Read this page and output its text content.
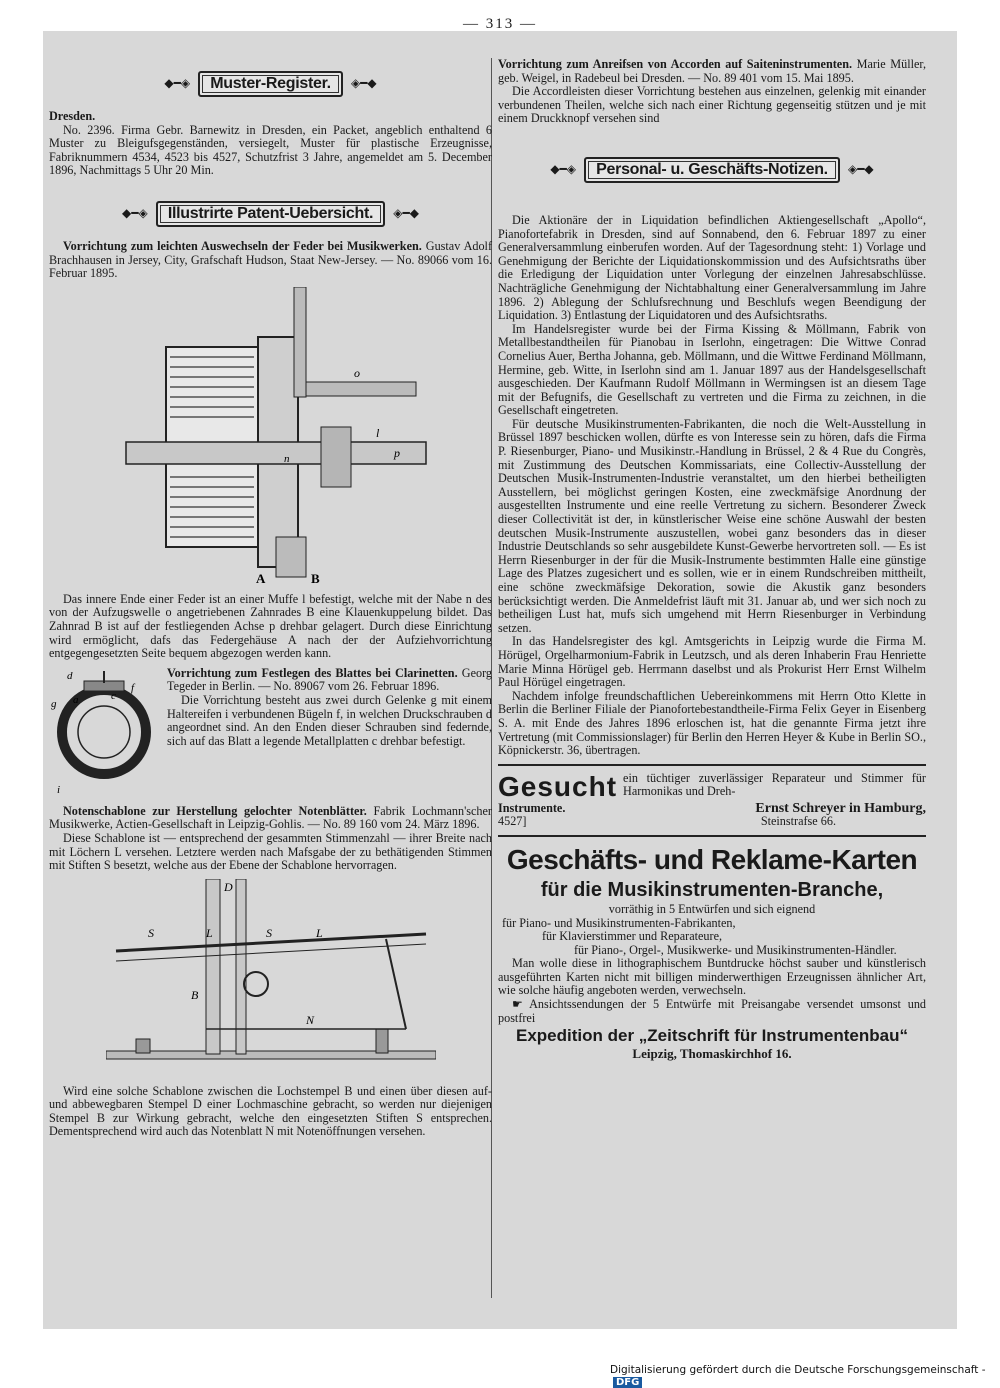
— 313 —
◆━◈	Muster-Register.	◈━◆

Dresden.

No. 2396. Firma Gebr. Barnewitz in Dresden, ein Packet, angeblich enthaltend 6 Muster zu Bleigufsgegenständen, versiegelt, Muster für plastische Erzeugnisse, Fabriknummern 4534, 4523 bis 4527, Schutzfrist 3 Jahre, angemeldet am 5. December 1896, Nachmittags 5 Uhr 20 Min.

◆━◈	Illustrirte Patent-Uebersicht.	◈━◆

Vorrichtung zum leichten Auswechseln der Feder bei Musikwerken. Gustav Adolf Brachhausen in Jersey, City, Grafschaft Hudson, Staat New-Jersey. — No. 89066 vom 16. Februar 1895.

o
l
p
A	B
n

Das innere Ende einer Feder ist an einer Muffe l befestigt, welche mit der Nabe n des von der Aufzugswelle o angetriebenen Zahnrades B eine Klauenkuppelung bildet. Das Zahnrad B ist auf der festliegenden Achse p drehbar gelagert. Durch diese Einrichtung wird ermöglicht, dafs das Federgehäuse A nach der der Aufziehvorrichtung entgegengesetzten Seite bequem abgezogen werden kann.

d
c
f
a
g
i

Vorrichtung zum Festlegen des Blattes bei Clarinetten. Georg Tegeder in Berlin. — No. 89067 vom 26. Februar 1896.

Die Vorrichtung besteht aus zwei durch Gelenke g mit einem Haltereifen i verbundenen Bügeln f, in welchen Druckschrauben d angeordnet sind. An den Enden dieser Schrauben sind federnde, sich auf das Blatt a legende Metallplatten c drehbar befestigt.

Notenschablone zur Herstellung gelochter Notenblätter. Fabrik Lochmann'scher Musikwerke, Actien-Gesellschaft in Leipzig-Gohlis. — No. 89 160 vom 24. März 1896.

Diese Schablone ist — entsprechend der gesammten Stimmenzahl — ihrer Breite nach mit Löchern L versehen. Letztere werden nach Mafsgabe der zu bethätigenden Stimmen mit Stiften S besetzt, welche aus der Ebene der Schablone hervorragen.

S	L	S	L
D
B
N

Wird eine solche Schablone zwischen die Lochstempel B und einen über diesen auf- und abbewegbaren Stempel D einer Lochmaschine gebracht, so werden nur diejenigen Stempel B zur Wirkung gebracht, welche den eingesetzten Stiften S entsprechen. Dementsprechend wird auch das Notenblatt N mit Notenöffnungen versehen.

Vorrichtung zum Anreifsen von Accorden auf Saiteninstrumenten. Marie Müller, geb. Weigel, in Radebeul bei Dresden. — No. 89 401 vom 15. Mai 1895.

Die Accordleisten dieser Vorrichtung bestehen aus einzelnen, gelenkig mit einander verbundenen Theilen, welche sich nach einer Richtung gegenseitig stützen und je mit einem Druckknopf versehen sind

◆━◈	Personal- u. Geschäfts-Notizen.	◈━◆

Die Aktionäre der in Liquidation befindlichen Aktiengesellschaft „Apollo“, Pianofortefabrik in Dresden, sind auf Sonnabend, den 6. Februar 1897 zu einer Generalversammlung einberufen worden. Auf der Tagesordnung steht: 1) Vorlage und Genehmigung der Berichte der Liquidationskommission und des Aufsichtsraths über die Erledigung der Liquidation unter Vorlegung der einzelnen Jahresabschlüsse. Nachträgliche Genehmigung der Nichtabhaltung einer Generalversammlung im Jahre 1896. 2) Ablegung der Schlufsrechnung und Beschlufs wegen Beendigung der Liquidation. 3) Entlastung der Liquidatoren und des Aufsichtsraths.

Im Handelsregister wurde bei der Firma Kissing & Möllmann, Fabrik von Metallbestandtheilen für Pianobau in Iserlohn, eingetragen: Die Wittwe Conrad Cornelius Auer, Bertha Johanna, geb. Möllmann, und die Wittwe Ferdinand Möllmann, Hermine, geb. Witte, in Iserlohn sind am 1. Januar 1897 aus der Handelsgesellschaft ausgeschieden. Der Kaufmann Rudolf Möllmann in Wermingsen ist an diesem Tage mit der Befugnifs, die Gesellschaft zu vertreten und die Firma zu zeichnen, in die Gesellschaft eingetreten.

Für deutsche Musikinstrumenten-Fabrikanten, die noch die Welt-Ausstellung in Brüssel 1897 beschicken wollen, dürfte es von Interesse sein zu hören, dafs die Firma P. Riesenburger, Piano- und Musikinstr.-Handlung in Brüssel, 2 & 4 Rue du Congrès, mit Zustimmung des Deutschen Kommissariats, eine Collectiv-Ausstellung der Deutschen Musik-Instrumenten-Industrie veranstaltet, um den hierbei betheiligten Ausstellern, bei möglichst geringen Kosten, eine zweckmäfsige Anordnung der ausgestellten Instrumente und eine reelle Vertretung zu sichern. Besonderer Zweck dieser Collectivität ist der, in künstlerischer Weise eine schöne Auswahl der besten deutschen Musik-Instrumente auszustellen, wobei ganz besonders das in dieser Industrie Deutschlands so sehr ausgebildete Kunst-Gewerbe hervortreten soll. — Es ist Herrn Riesenburger in der für die Musik-Instrumente bestimmten Halle eine günstige Lage des Platzes zugesichert und es sollen, wie er in einem Rundschreiben mittheilt, eine schöne zweckmäfsige Dekoration, sowie die Akustik ganz besonders berücksichtigt werden. Die Anmeldefrist läuft mit 31. Januar ab, und wer sich noch zu betheiligen Lust hat, mufs sich umgehend mit Herrn Riesenburger in Verbindung setzen.

In das Handelsregister des kgl. Amtsgerichts in Leipzig wurde die Firma M. Hörügel, Orgelharmonium-Fabrik in Leutzsch, und als deren Inhaberin Frau Henriette Marie Minna Hörügel geb. Herrmann daselbst und als Prokurist Herr Ernst Wilhelm Paul Hörügel eingetragen.

Nachdem infolge freundschaftlichen Uebereinkommens mit Herrn Otto Klette in Berlin die Berliner Filiale der Pianofortebestandtheile-Firma Felix Geyer in Eisenberg S. A. mit Ende des Jahres 1896 erloschen ist, hat die genannte Firma jetzt ihre Vertretung (mit Commissionslager) für Berlin den Herren Heyer & Kube in Berlin SO., Köpnickerstr. 36, übertragen.

Gesucht ein tüchtiger zuverlässiger Reparateur und Stimmer für Harmonikas und Dreh-
Instrumente.	Ernst Schreyer in Hamburg,
4527]	Steinstrafse 66.
Geschäfts- und Reklame-Karten
für die Musikinstrumenten-Branche,
vorräthig in 5 Entwürfen und sich eignend
für Piano- und Musikinstrumenten-Fabrikanten,
für Klavierstimmer und Reparateure,
für Piano-, Orgel-, Musikwerke- und Musikinstrumenten-Händler.

Man wolle diese in lithographischem Buntdrucke höchst sauber und künstlerisch ausgeführten Karten nicht mit billigen minderwerthigen Erzeugnissen ähnlicher Art, wie solche häufig angeboten werden, verwechseln.

☛ Ansichtssendungen der 5 Entwürfe mit Preisangabe versendet umsonst und postfrei

Expedition der „Zeitschrift für Instrumentenbau“
Leipzig, Thomaskirchhof 16.
Digitalisierung gefördert durch die Deutsche Forschungsgemeinschaft -DFG
